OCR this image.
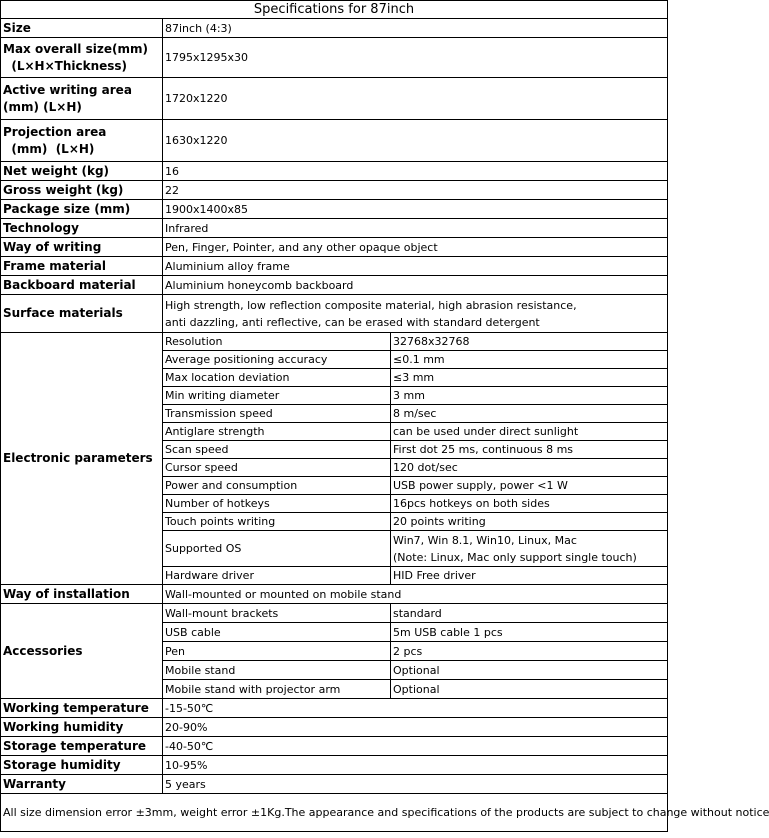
Specifications for 87inch		
Size	87inch (4:3)	

Max overall size(mm)
(L×H×Thickness)	1795x1295x30	

Active writing area
(mm) (L×H)	1720x1220	

Projection area
(mm)  (L×H)	1630x1220	
Net weight (kg)	16	
Gross weight (kg)	22	
Package size (mm)	1900x1400x85	
Technology	Infrared	
Way of writing	Pen, Finger, Pointer, and any other opaque object	
Frame material	Aluminium alloy frame	
Backboard material	Aluminium honeycomb backboard	
Surface materials	High strength, low reflection composite material, high abrasion resistance,
anti dazzling, anti reflective, can be erased with standard detergent	

Electronic parameters	Resolution	32768x32768
	Average positioning accuracy	≤0.1 mm
	Max location deviation	≤3 mm
	Min writing diameter	3 mm
	Transmission speed	8 m/sec
	Antiglare strength	can be used under direct sunlight
	Scan speed	First dot 25 ms, continuous 8 ms
	Cursor speed	120 dot/sec
	Power and consumption	USB power supply, power <1 W
	Number of hotkeys	16pcs hotkeys on both sides
	Touch points writing	20 points writing
	Supported OS	Win7, Win 8.1, Win10, Linux, Mac
(Note: Linux, Mac only support single touch)

	Hardware driver	HID Free driver
Way of installation	Wall-mounted or mounted on mobile stand	
Accessories	Wall-mount brackets	standard
	USB cable	5m USB cable 1 pcs
	Pen	2 pcs
	Mobile stand	Optional
	Mobile stand with projector arm	Optional
Working temperature	-15-50℃	
Working humidity	20-90%	
Storage temperature	-40-50℃	
Storage humidity	10-95%	
Warranty	5 years	
All size dimension error ±3mm, weight error ±1Kg.The appearance and specifications of the products are subject to change without notice		
